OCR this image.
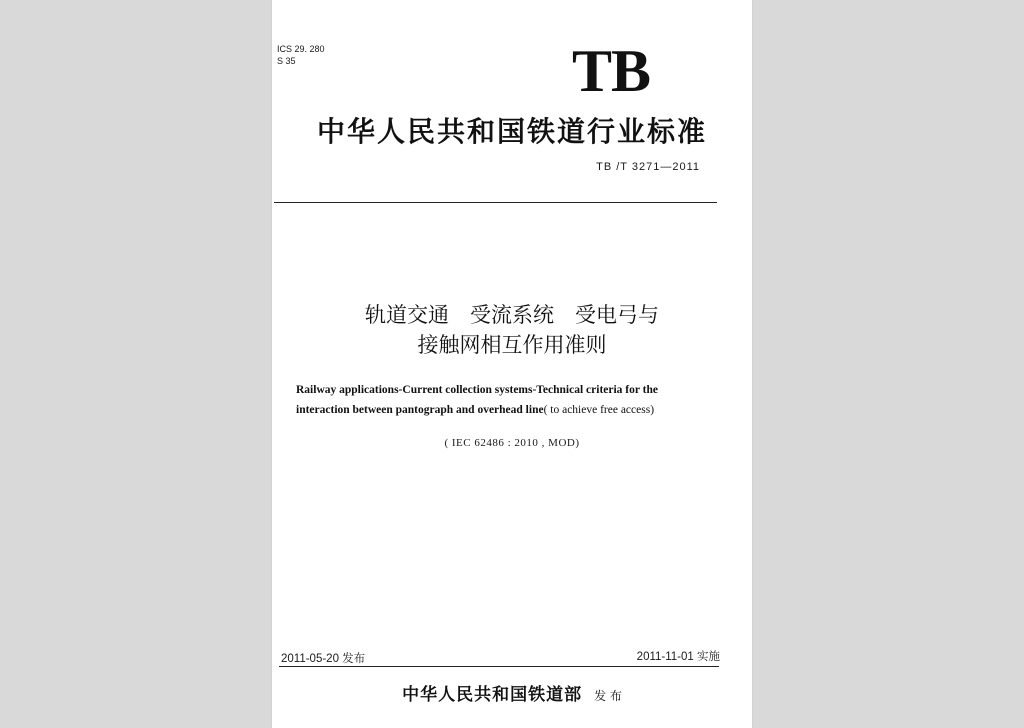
ICS 29. 280
S 35	TB
中华人民共和国铁道行业标准
TB /T 3271—2011
轨道交通　受流系统　受电弓与
接触网相互作用准则
Railway applications-Current collection systems-Technical criteria for the
interaction between pantograph and overhead line( to achieve free access)
( IEC 62486 : 2010 , MOD)
2011-05-20 发布	2011-11-01 实施
中华人民共和国铁道部 发 布
